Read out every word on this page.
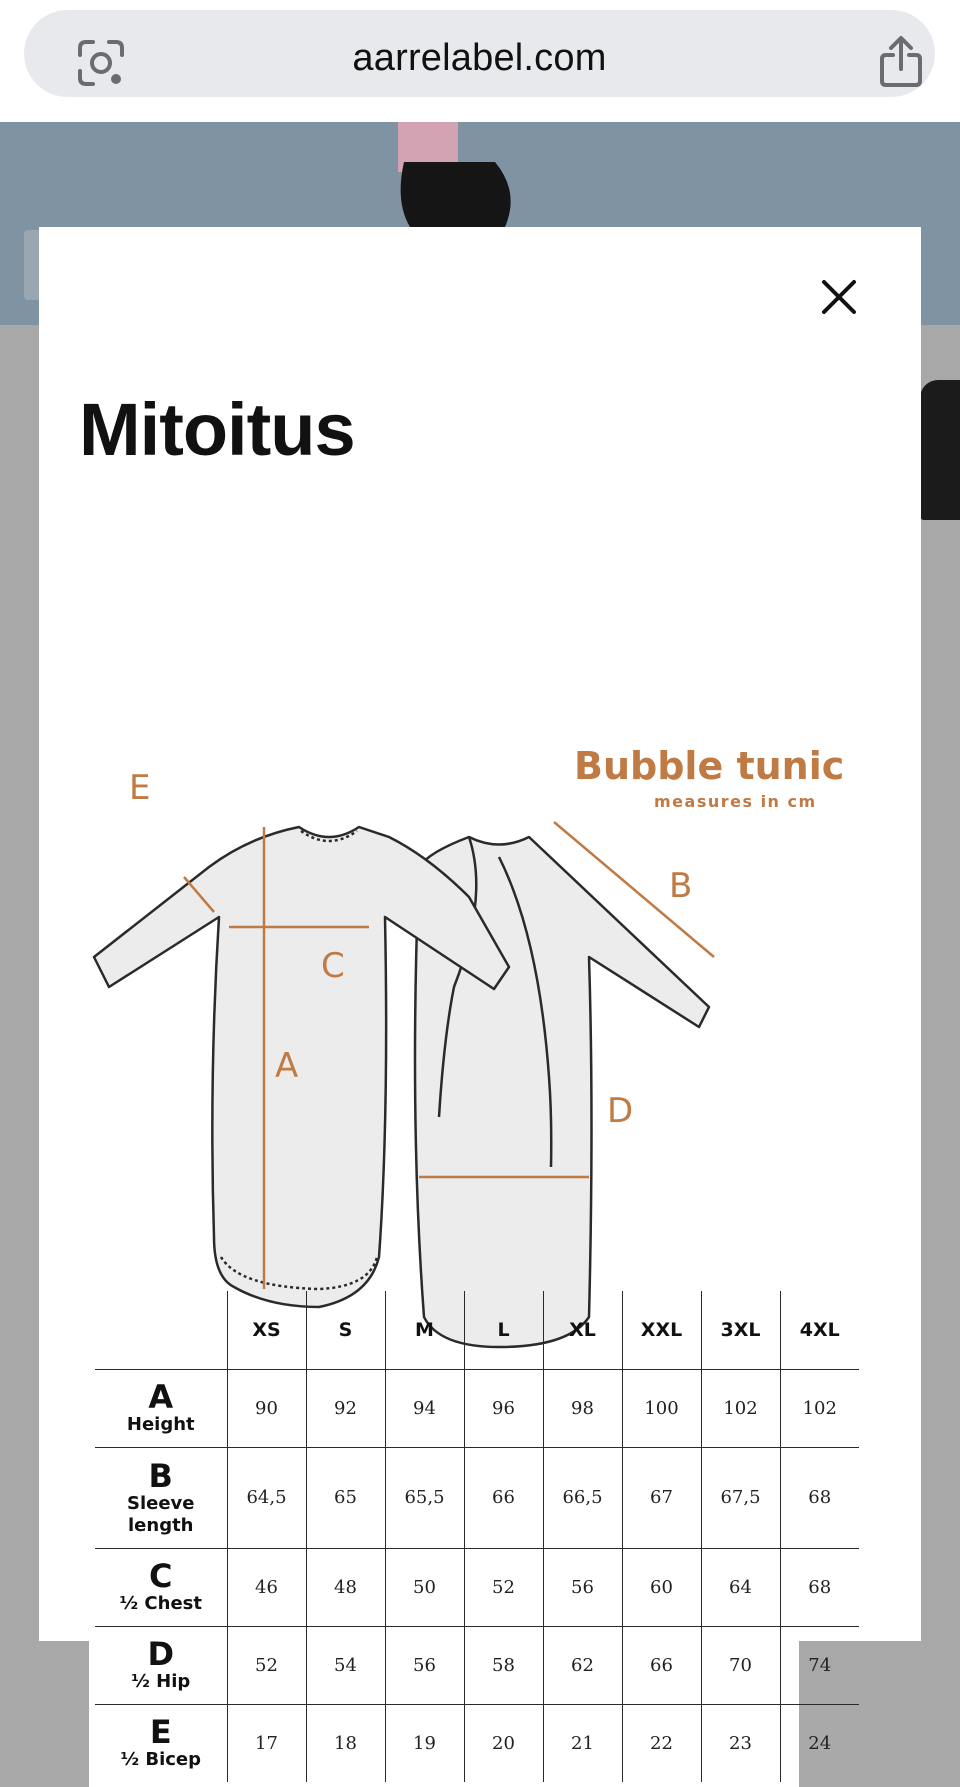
aarrelabel.com
Mitoitus
Bubble tunic
measures in cm
A
B
C
D
E
	XS	S	M	L	XL	XXL	3XL	4XL

A
Height	90	92	94	96	98	100	102	102

B
Sleeve length	64,5	65	65,5	66	66,5	67	67,5	68

C
½ Chest	46	48	50	52	56	60	64	68

D
½ Hip	52	54	56	58	62	66	70	74

E
½ Bicep	17	18	19	20	21	22	23	24
